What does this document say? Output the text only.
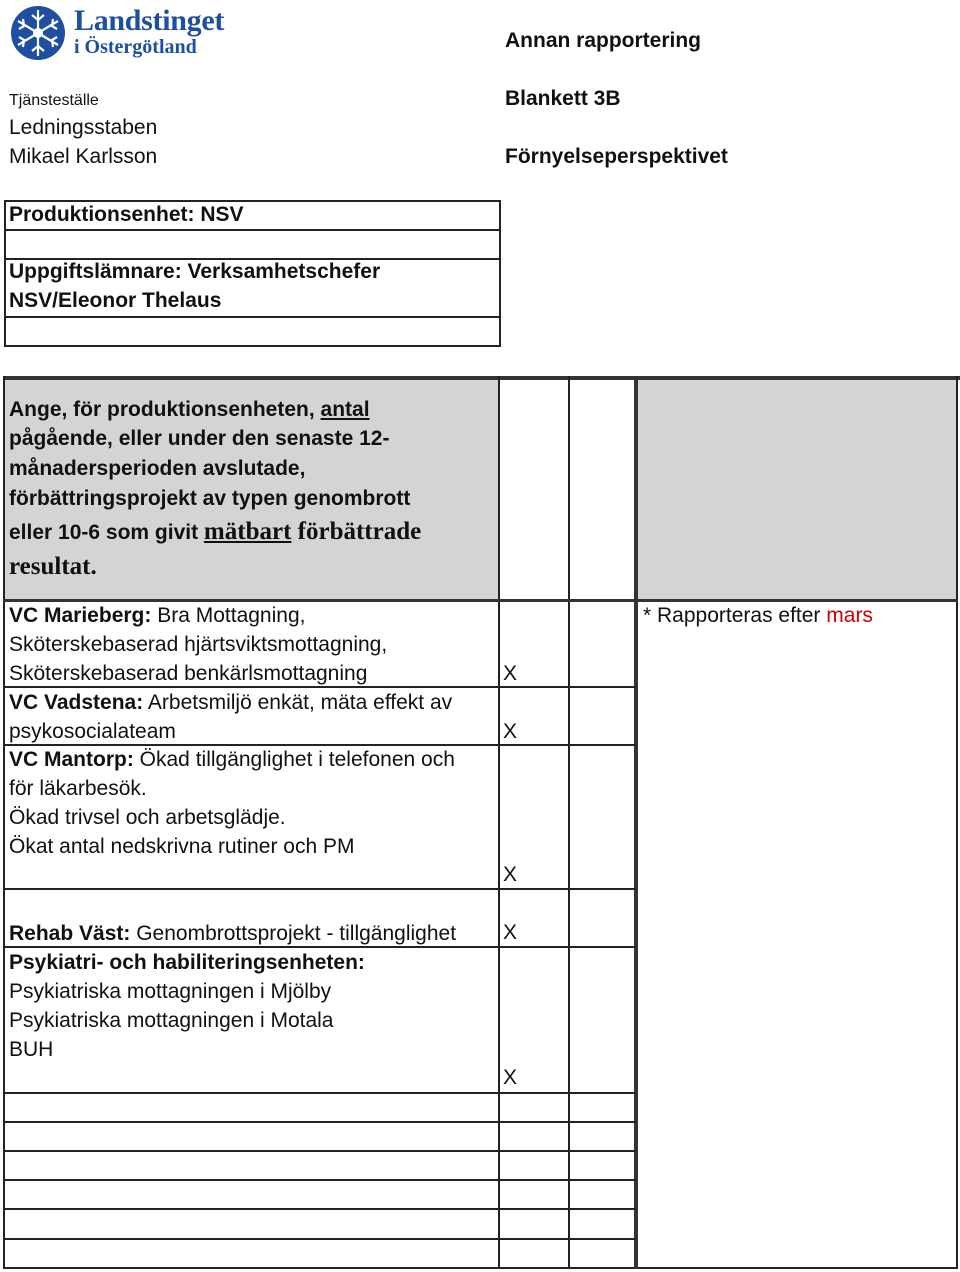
Landstinget
i Östergötland
Tjänsteställe
Ledningsstaben
Mikael Karlsson
Annan rapportering
Blankett 3B
Förnyelseperspektivet
Produktionsenhet: NSV
Uppgiftslämnare: Verksamhetschefer
NSV/Eleonor Thelaus
Ange, för produktionsenheten, antal
pågående, eller under den senaste 12-
månadersperioden avslutade,
förbättringsprojekt av typen genombrott
eller 10-6 som givit mätbart förbättrade
resultat.
* Rapporteras efter mars
VC Marieberg: Bra Mottagning,
Sköterskebaserad hjärtsviktsmottagning,
Sköterskebaserad benkärlsmottagning	X
VC Vadstena: Arbetsmiljö enkät, mäta effekt av
psykosocialateam	X
VC Mantorp: Ökad tillgänglighet i telefonen och
för läkarbesök.
Ökad trivsel och arbetsglädje.
Ökat antal nedskrivna rutiner och PM
X
Rehab Väst: Genombrottsprojekt - tillgänglighet X
Psykiatri- och habiliteringsenheten:
Psykiatriska mottagningen i Mjölby
Psykiatriska mottagningen i Motala
BUH
X
